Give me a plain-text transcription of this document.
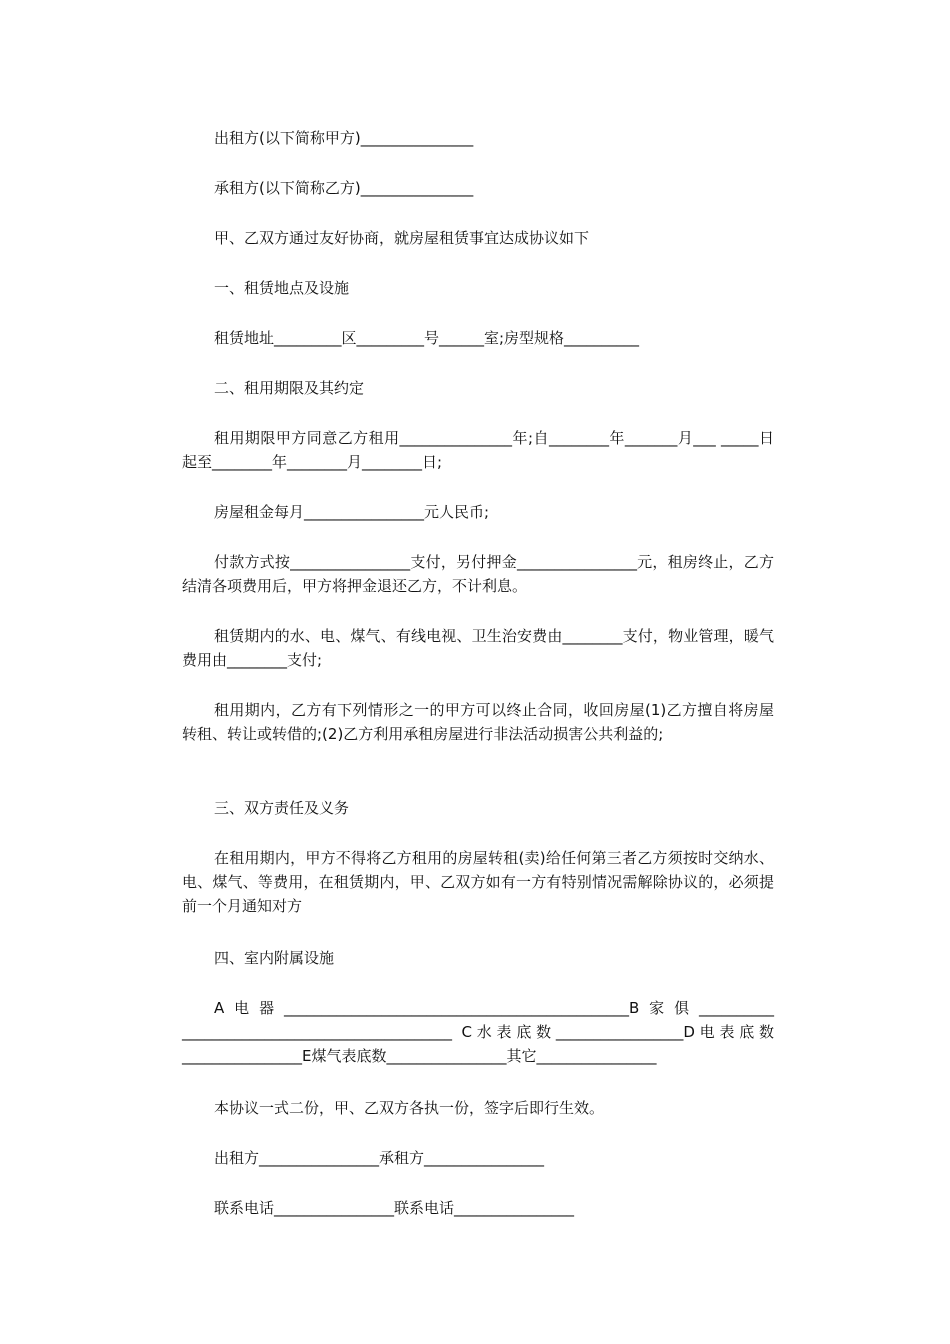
出租方(以下简称甲方)_______________

承租方(以下简称乙方)_______________

甲、乙双方通过友好协商，就房屋租赁事宜达成协议如下

一、租赁地点及设施

租赁地址_________区_________号______室;房型规格__________

二、租用期限及其约定

租用期限甲方同意乙方租用_______________年;自________年_______月___ _____日起至________年________月________日;

房屋租金每月________________元人民币;

付款方式按________________支付，另付押金________________元，租房终止，乙方结清各项费用后，甲方将押金退还乙方，不计利息。

租赁期内的水、电、煤气、有线电视、卫生治安费由________支付，物业管理，暖气费用由________支付;

租用期内，乙方有下列情形之一的甲方可以终止合同，收回房屋(1)乙方擅自将房屋转租、转让或转借的;(2)乙方利用承租房屋进行非法活动损害公共利益的;

三、双方责任及义务

在租用期内，甲方不得将乙方租用的房屋转租(卖)给任何第三者乙方须按时交纳水、电、煤气、等费用，在租赁期内，甲、乙双方如有一方有特别情况需解除协议的，必须提前一个月通知对方

四、室内附属设施

A电器______________________________________________B家俱__________ ____________________________________ C水表底数_________________D电表底数________________E煤气表底数________________其它________________

本协议一式二份，甲、乙双方各执一份，签字后即行生效。

出租方________________承租方________________

联系电话________________联系电话________________
